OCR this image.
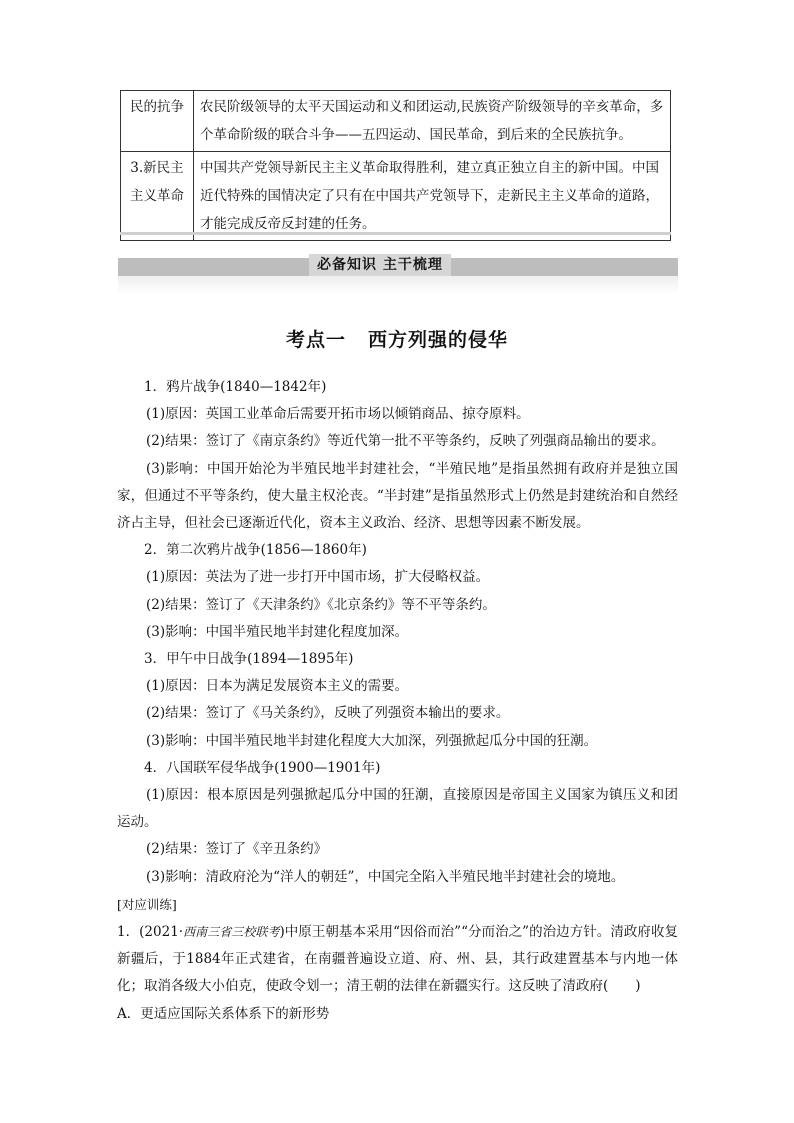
民的抗争	农民阶级领导的太平天国运动和义和团运动,民族资产阶级领导的辛亥革命，多个革命阶级的联合斗争——五四运动、国民革命，到后来的全民族抗争。
3.新民主主义革命	中国共产党领导新民主主义革命取得胜利，建立真正独立自主的新中国。中国近代特殊的国情决定了只有在中国共产党领导下，走新民主主义革命的道路，才能完成反帝反封建的任务。
必备知识 主干梳理
考点一 西方列强的侵华

1．鸦片战争(1840—1842年)

(1)原因：英国工业革命后需要开拓市场以倾销商品、掠夺原料。

(2)结果：签订了《南京条约》等近代第一批不平等条约，反映了列强商品输出的要求。

(3)影响：中国开始沦为半殖民地半封建社会，“半殖民地”是指虽然拥有政府并是独立国家，但通过不平等条约，使大量主权沦丧。“半封建”是指虽然形式上仍然是封建统治和自然经济占主导，但社会已逐渐近代化，资本主义政治、经济、思想等因素不断发展。

2．第二次鸦片战争(1856—1860年)

(1)原因：英法为了进一步打开中国市场，扩大侵略权益。

(2)结果：签订了《天津条约》《北京条约》等不平等条约。

(3)影响：中国半殖民地半封建化程度加深。

3．甲午中日战争(1894—1895年)

(1)原因：日本为满足发展资本主义的需要。

(2)结果：签订了《马关条约》，反映了列强资本输出的要求。

(3)影响：中国半殖民地半封建化程度大大加深，列强掀起瓜分中国的狂潮。

4．八国联军侵华战争(1900—1901年)

(1)原因：根本原因是列强掀起瓜分中国的狂潮，直接原因是帝国主义国家为镇压义和团运动。

(2)结果：签订了《辛丑条约》

(3)影响：清政府沦为“洋人的朝廷”，中国完全陷入半殖民地半封建社会的境地。

[对应训练]

1．(2021·西南三省三校联考)中原王朝基本采用“因俗而治”“分而治之”的治边方针。清政府收复新疆后，于1884年正式建省，在南疆普遍设立道、府、州、县，其行政建置基本与内地一体化；取消各级大小伯克，使政令划一；清王朝的法律在新疆实行。这反映了清政府(　　)

A．更适应国际关系体系下的新形势
